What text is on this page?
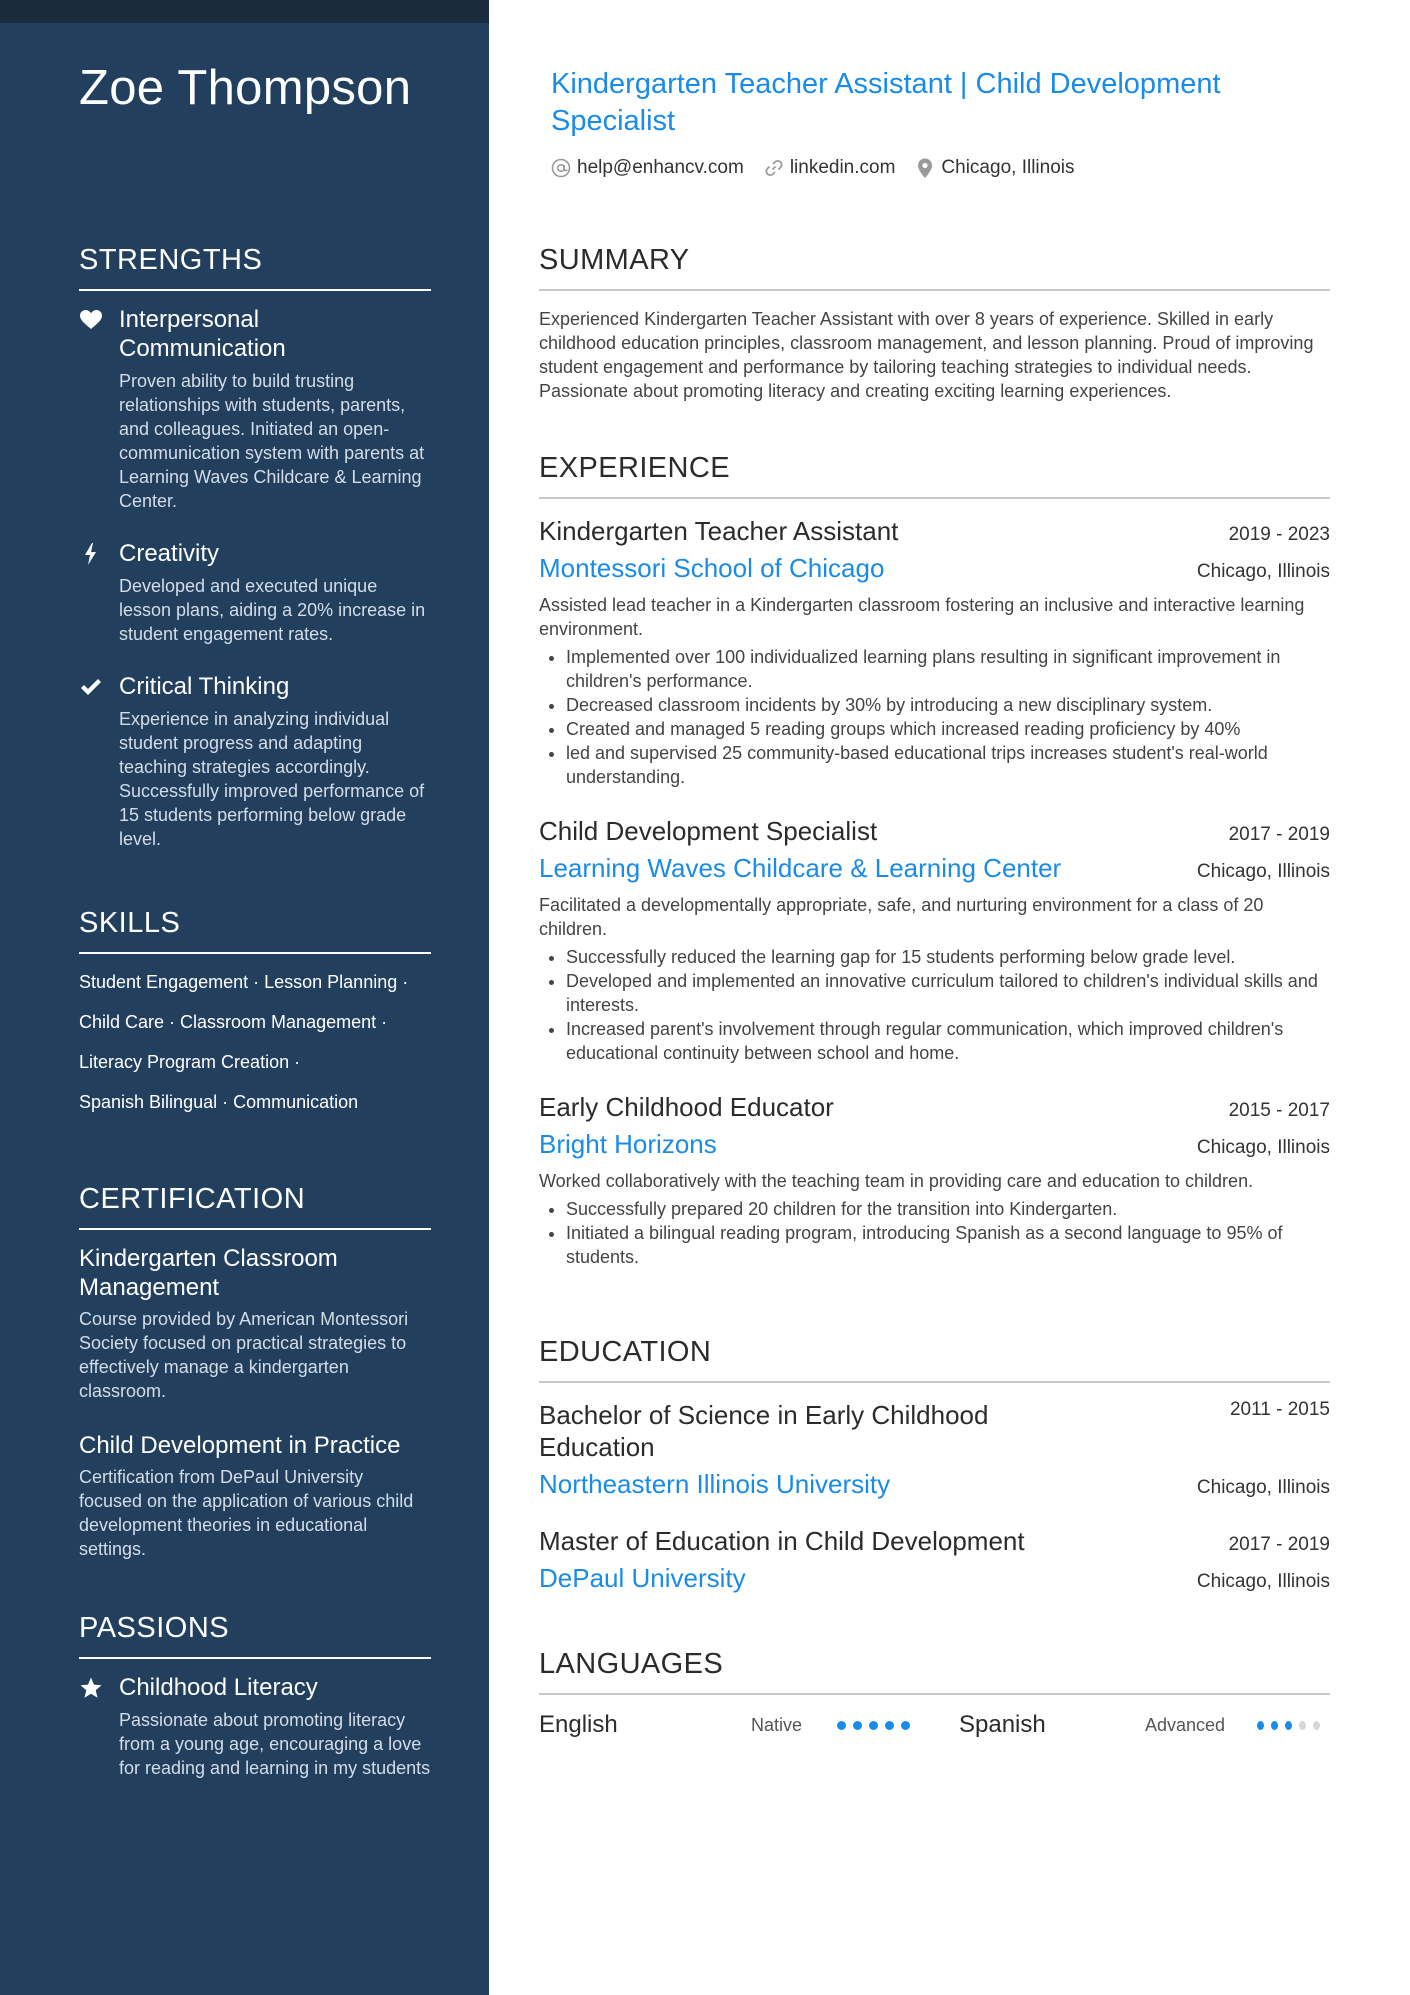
Zoe Thompson
STRENGTHS
Interpersonal Communication
Proven ability to build trusting relationships with students, parents, and colleagues. Initiated an open-communication system with parents at Learning Waves Childcare & Learning Center.
Creativity
Developed and executed unique lesson plans, aiding a 20% increase in student engagement rates.
Critical Thinking
Experience in analyzing individual student progress and adapting teaching strategies accordingly. Successfully improved performance of 15 students performing below grade level.
SKILLS
Student Engagement · Lesson Planning ·
Child Care · Classroom Management ·
Literacy Program Creation ·
Spanish Bilingual · Communication
CERTIFICATION
Kindergarten Classroom Management
Course provided by American Montessori Society focused on practical strategies to effectively manage a kindergarten classroom.
Child Development in Practice
Certification from DePaul University focused on the application of various child development theories in educational settings.
PASSIONS
Childhood Literacy
Passionate about promoting literacy from a young age, encouraging a love for reading and learning in my students
Kindergarten Teacher Assistant | Child Development Specialist
help@enhancv.com linkedin.com Chicago, Illinois
SUMMARY
Experienced Kindergarten Teacher Assistant with over 8 years of experience. Skilled in early childhood education principles, classroom management, and lesson planning. Proud of improving student engagement and performance by tailoring teaching strategies to individual needs. Passionate about promoting literacy and creating exciting learning experiences.
EXPERIENCE
Kindergarten Teacher Assistant	2019 - 2023
Montessori School of Chicago	Chicago, Illinois
Assisted lead teacher in a Kindergarten classroom fostering an inclusive and interactive learning environment.
• Implemented over 100 individualized learning plans resulting in significant improvement in children's performance.
• Decreased classroom incidents by 30% by introducing a new disciplinary system.
• Created and managed 5 reading groups which increased reading proficiency by 40%
• led and supervised 25 community-based educational trips increases student's real-world understanding.
Child Development Specialist	2017 - 2019
Learning Waves Childcare & Learning Center	Chicago, Illinois
Facilitated a developmentally appropriate, safe, and nurturing environment for a class of 20 children.
• Successfully reduced the learning gap for 15 students performing below grade level.
• Developed and implemented an innovative curriculum tailored to children's individual skills and interests.
• Increased parent's involvement through regular communication, which improved children's educational continuity between school and home.
Early Childhood Educator	2015 - 2017
Bright Horizons	Chicago, Illinois
Worked collaboratively with the teaching team in providing care and education to children.
• Successfully prepared 20 children for the transition into Kindergarten.
• Initiated a bilingual reading program, introducing Spanish as a second language to 95% of students.
EDUCATION
Bachelor of Science in Early Childhood Education
2011 - 2015
Northeastern Illinois University	Chicago, Illinois
Master of Education in Child Development	2017 - 2019
DePaul University	Chicago, Illinois
LANGUAGES
English	Native	Spanish	Advanced
